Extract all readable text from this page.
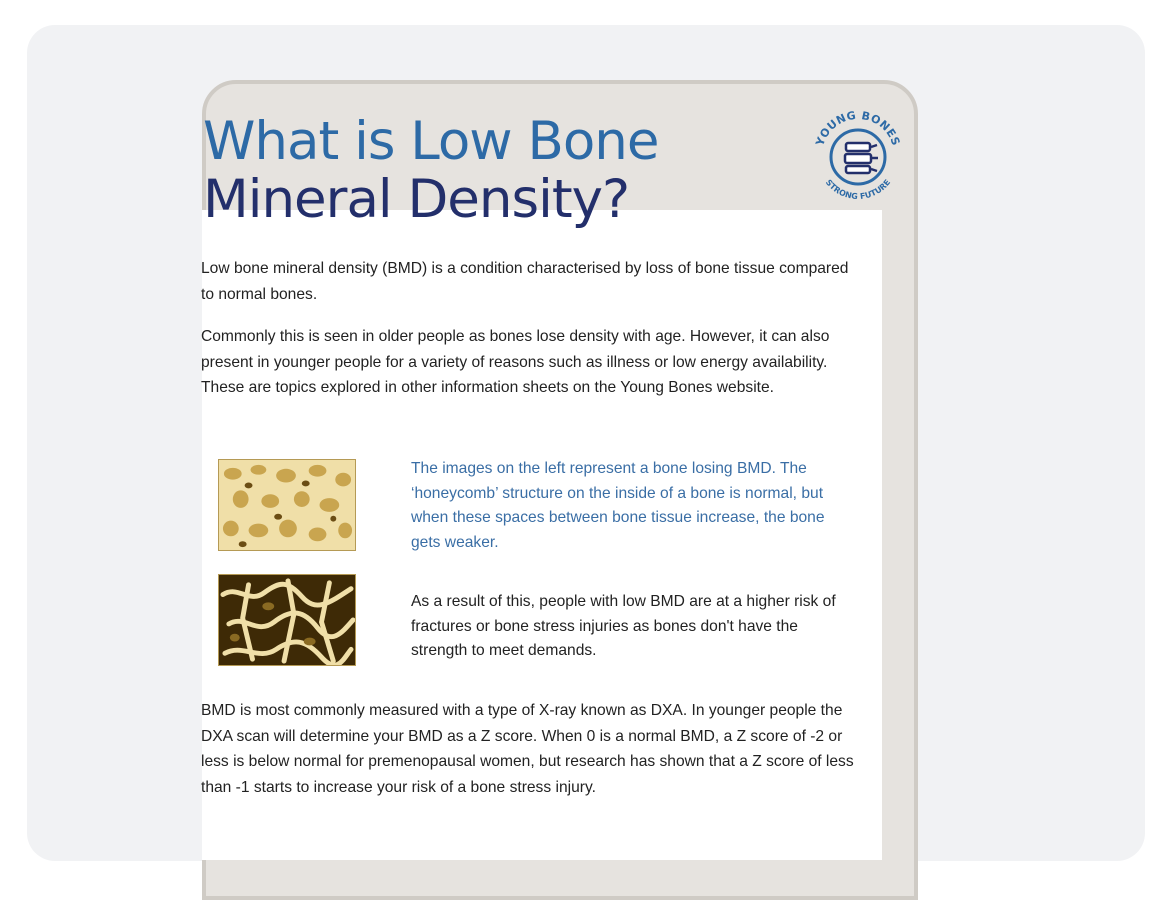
What is Low Bone
Mineral Density?
YOUNG BONES
STRONG FUTURE

Low bone mineral density (BMD) is a condition characterised by loss of bone tissue compared to normal bones.

Commonly this is seen in older people as bones lose density with age. However, it can also present in younger people for a variety of reasons such as illness or low energy availability. These are topics explored in other information sheets on the Young Bones website.

The images on the left represent a bone losing BMD. The ‘honeycomb’ structure on the inside of a bone is normal, but when these spaces between bone tissue increase, the bone gets weaker.

As a result of this, people with low BMD are at a higher risk of fractures or bone stress injuries as bones don't have the strength to meet demands.

BMD is most commonly measured with a type of X-ray known as DXA. In younger people the DXA scan will determine your BMD as a Z score. When 0 is a normal BMD, a Z score of -2 or less is below normal for premenopausal women, but research has shown that a Z score of less than -1 starts to increase your risk of a bone stress injury.
